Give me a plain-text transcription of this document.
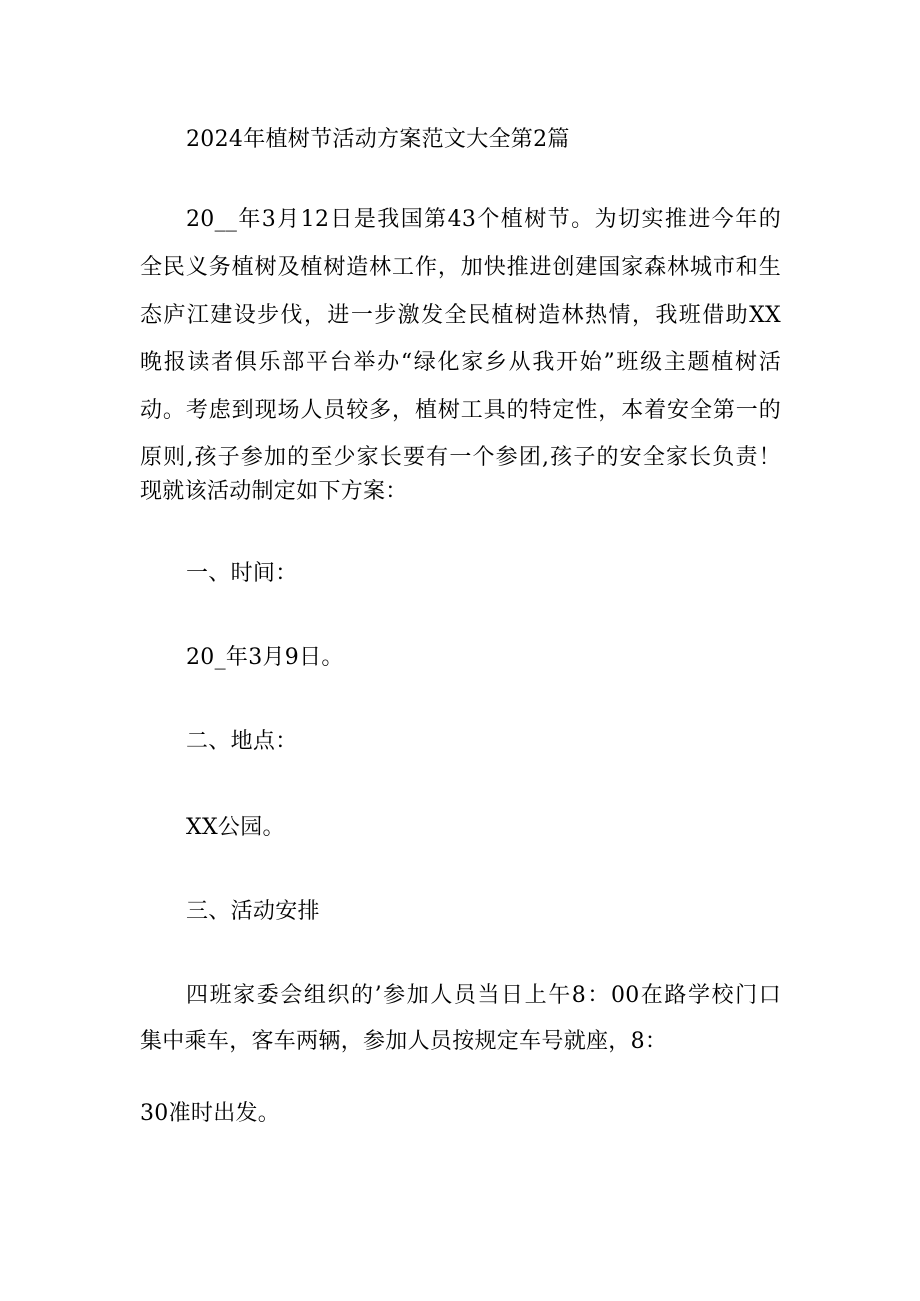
2024年植树节活动方案范文大全第2篇
20__年3月12日是我国第43个植树节。为切实推进今年的
全民义务植树及植树造林工作，加快推进创建国家森林城市和生
态庐江建设步伐，进一步激发全民植树造林热情，我班借助XX
晚报读者俱乐部平台举办“绿化家乡从我开始”班级主题植树活
动。考虑到现场人员较多，植树工具的特定性，本着安全第一的
原则,孩子参加的至少家长要有一个参团,孩子的安全家长负责！
现就该活动制定如下方案：
一、时间：
20_年3月9日。
二、地点：
XX公园。
三、活动安排
四班家委会组织的’参加人员当日上午8：00在路学校门口
集中乘车，客车两辆，参加人员按规定车号就座，8：
30准时出发。
